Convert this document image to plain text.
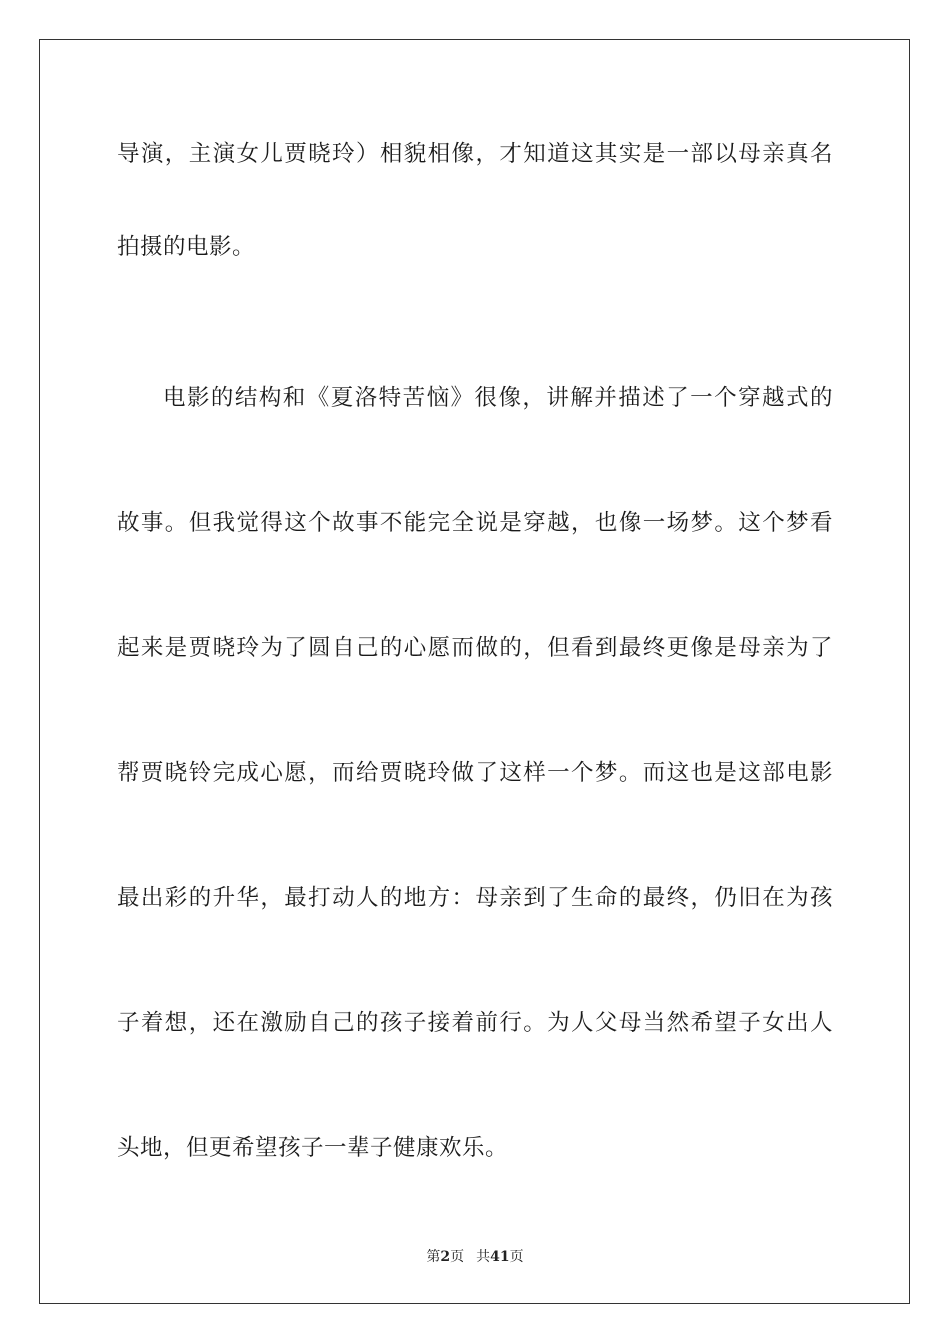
导演，主演女儿贾晓玲）相貌相像，才知道这其实是一部以母亲真名
拍摄的电影。
电影的结构和《夏洛特苦恼》很像，讲解并描述了一个穿越式的
故事。但我觉得这个故事不能完全说是穿越，也像一场梦。这个梦看
起来是贾晓玲为了圆自己的心愿而做的，但看到最终更像是母亲为了
帮贾晓铃完成心愿，而给贾晓玲做了这样一个梦。而这也是这部电影
最出彩的升华，最打动人的地方：母亲到了生命的最终，仍旧在为孩
子着想，还在激励自己的孩子接着前行。为人父母当然希望子女出人
头地，但更希望孩子一辈子健康欢乐。
第2页 共41页
